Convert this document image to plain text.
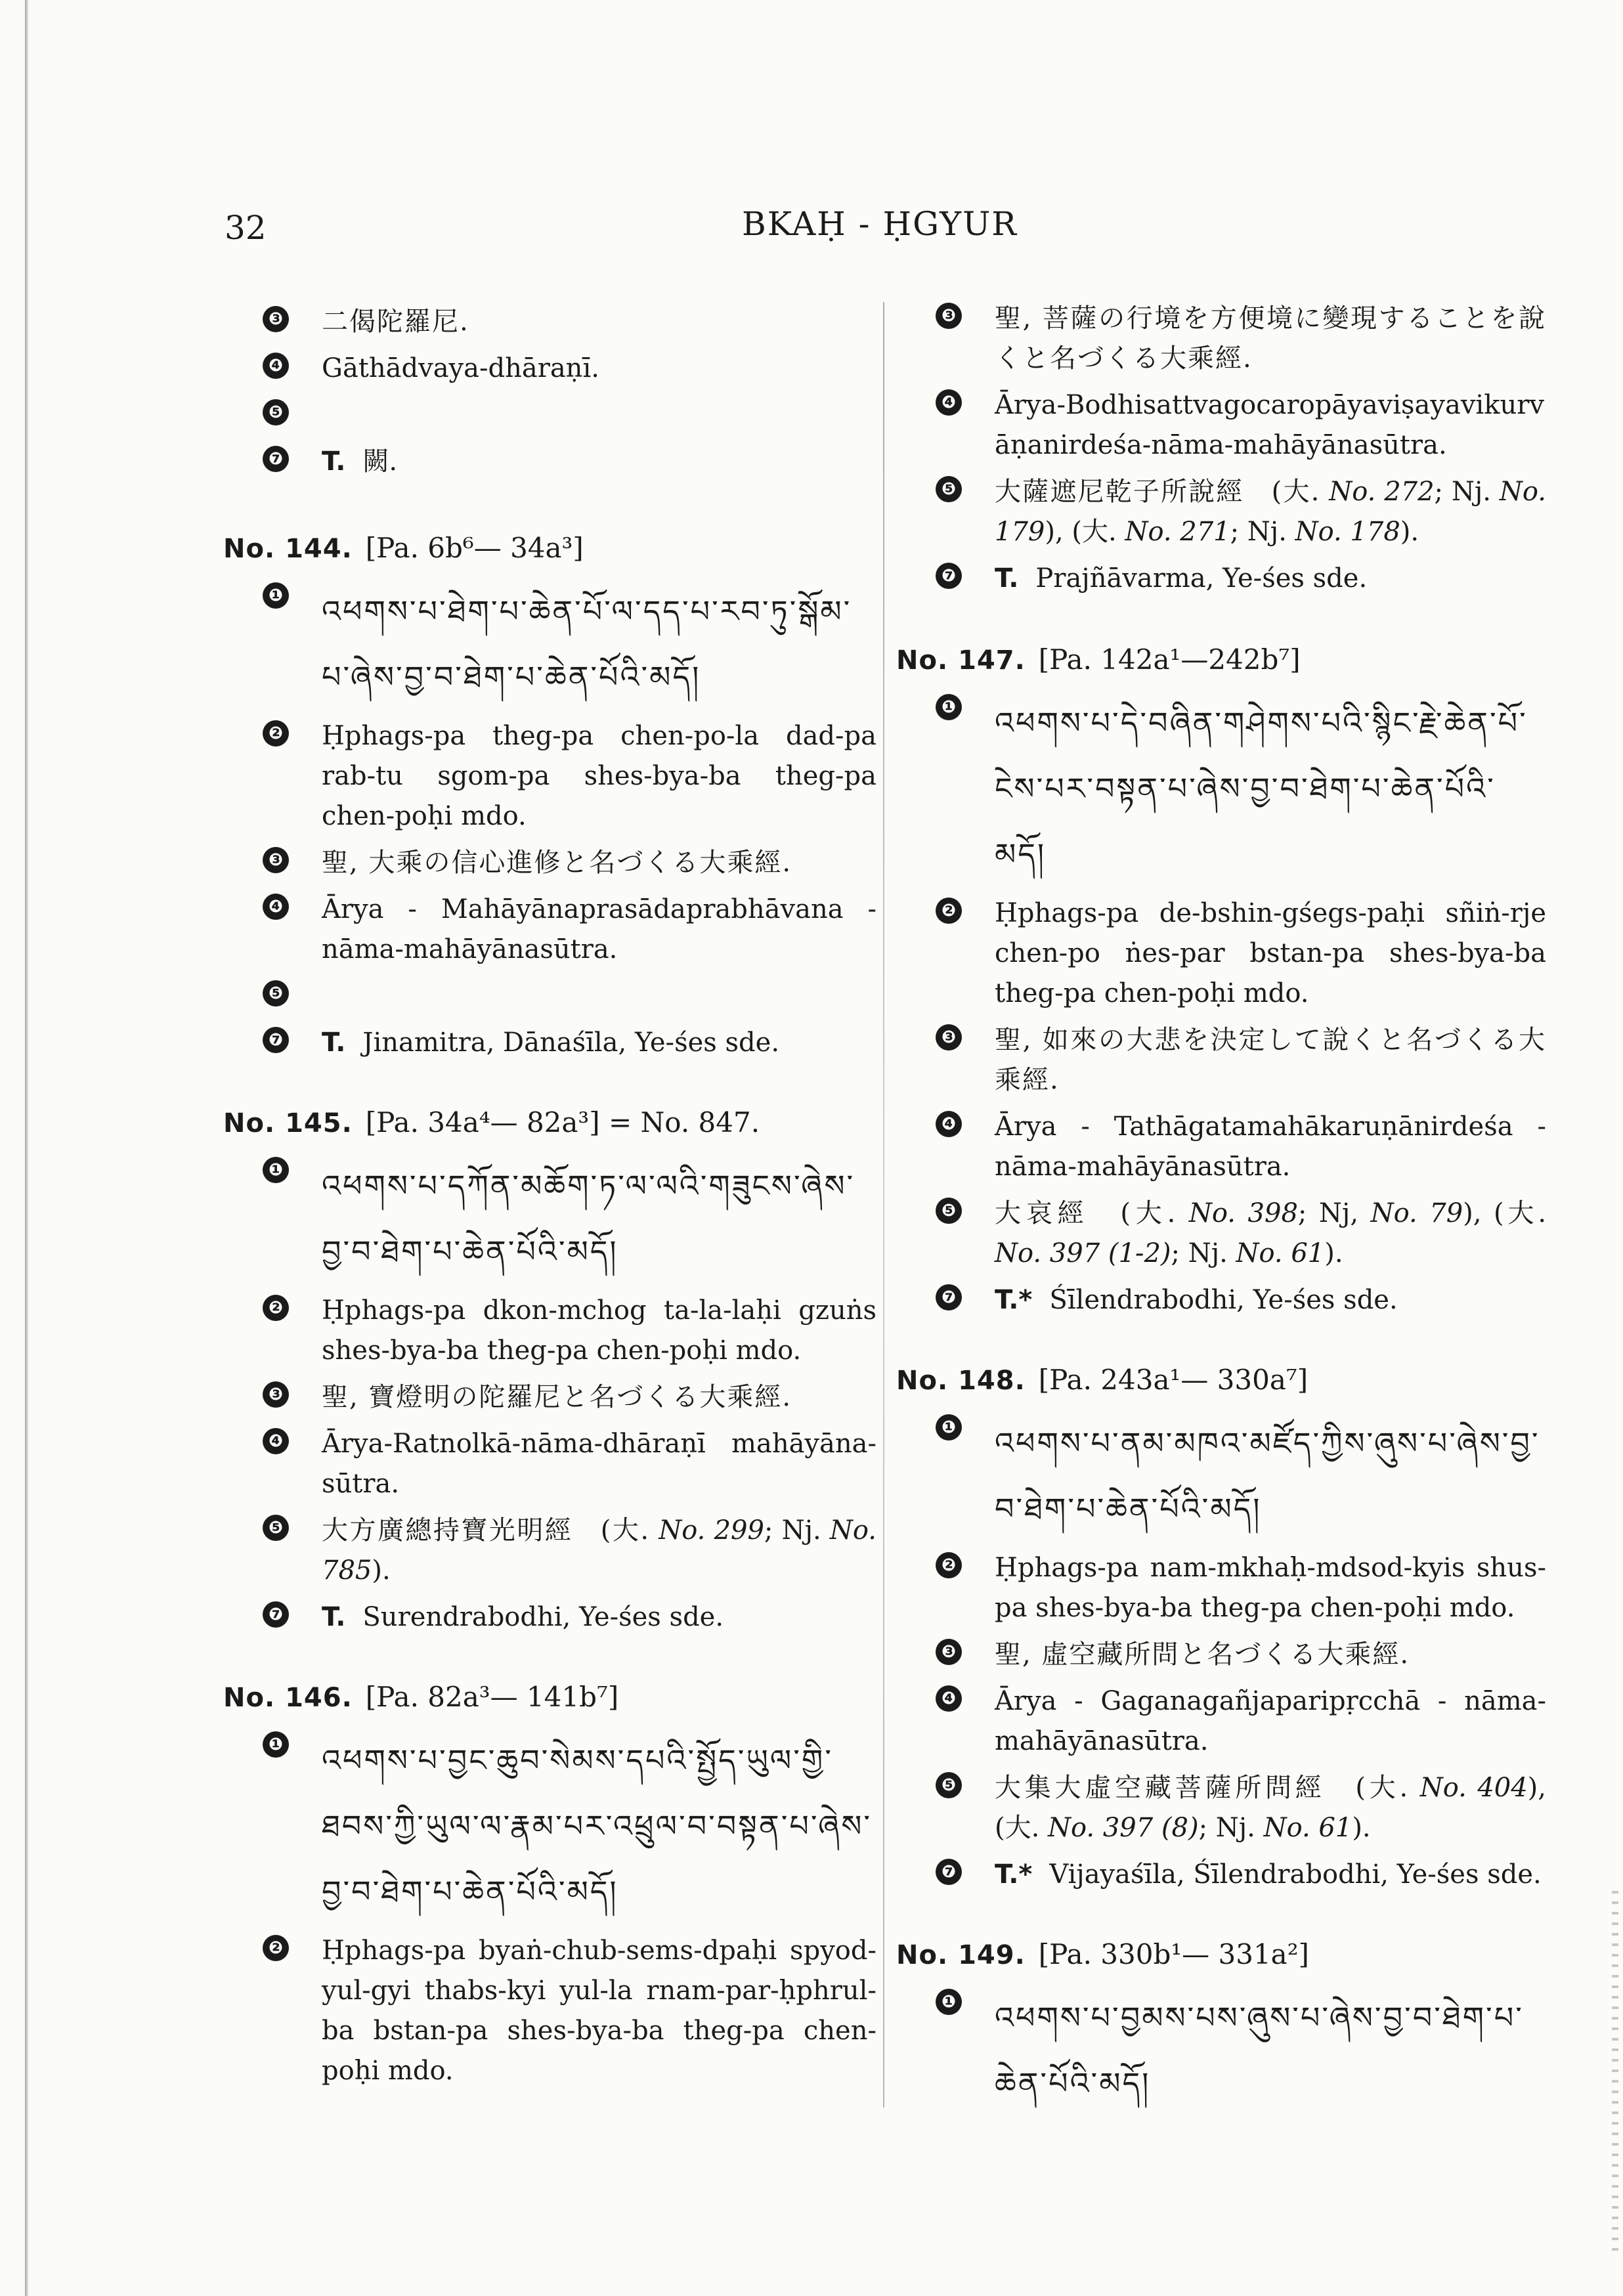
32	BKAḤ - ḤGYUR
❸ 二偈陀羅尼.
❹ Gāthādvaya-dhāraṇī.
❺
❼ T. 闕.
No. 144. [Pa. 6b⁶— 34a³]
❶ འཕགས་པ་ཐེག་པ་ཆེན་པོ་ལ་དད་པ་རབ་ཏུ་སྒོམ་པ་ཞེས་བྱ་བ་ཐེག་པ་ཆེན་པོའི་མདོ།
❷ Ḥphags-pa theg-pa chen-po-la dad-pa rab-tu sgom-pa shes-bya-ba theg-pa chen-poḥi mdo.
❸ 聖, 大乘の信心進修と名づくる大乘經.
❹ Ārya - Mahāyānaprasādaprabhāvana - nāma-mahāyānasūtra.
❺
❼ T. Jinamitra, Dānaśīla, Ye-śes sde.
No. 145. [Pa. 34a⁴— 82a³] = No. 847.
❶ འཕགས་པ་དཀོན་མཆོག་ཏ་ལ་ལའི་གཟུངས་ཞེས་བྱ་བ་ཐེག་པ་ཆེན་པོའི་མདོ།
❷ Ḥphags-pa dkon-mchog ta-la-laḥi gzuṅs shes-bya-ba theg-pa chen-poḥi mdo.
❸ 聖, 寶燈明の陀羅尼と名づくる大乘經.
❹ Ārya-Ratnolkā-nāma-dhāraṇī mahāyāna-sūtra.
❺ 大方廣總持寶光明經　(大. No. 299; Nj. No. 785).
❼ T. Surendrabodhi, Ye-śes sde.
No. 146. [Pa. 82a³— 141b⁷]
❶ འཕགས་པ་བྱང་ཆུབ་སེམས་དཔའི་སྤྱོད་ཡུལ་གྱི་ཐབས་ཀྱི་ཡུལ་ལ་རྣམ་པར་འཕྲུལ་བ་བསྟན་པ་ཞེས་བྱ་བ་ཐེག་པ་ཆེན་པོའི་མདོ།
❷ Ḥphags-pa byaṅ-chub-sems-dpaḥi spyod-yul-gyi thabs-kyi yul-la rnam-par-ḥphrul-ba bstan-pa shes-bya-ba theg-pa chen-poḥi mdo.
❸ 聖, 菩薩の行境を方便境に變現することを說くと名づくる大乘經.
❹ Ārya-Bodhisattvagocaropāyaviṣayavikurvāṇanirdeśa-nāma-mahāyānasūtra.
❺ 大薩遮尼乾子所說經　(大. No. 272; Nj. No. 179), (大. No. 271; Nj. No. 178).
❼ T. Prajñāvarma, Ye-śes sde.
No. 147. [Pa. 142a¹—242b⁷]
❶ འཕགས་པ་དེ་བཞིན་གཤེགས་པའི་སྙིང་རྗེ་ཆེན་པོ་ངེས་པར་བསྟན་པ་ཞེས་བྱ་བ་ཐེག་པ་ཆེན་པོའི་མདོ།
❷ Ḥphags-pa de-bshin-gśegs-paḥi sñiṅ-rje chen-po ṅes-par bstan-pa shes-bya-ba theg-pa chen-poḥi mdo.
❸ 聖, 如來の大悲を決定して說くと名づくる大乘經.
❹ Ārya - Tathāgatamahākaruṇānirdeśa - nāma-mahāyānasūtra.
❺ 大哀經　(大. No. 398; Nj, No. 79), (大. No. 397 (1-2); Nj. No. 61).
❼ T.* Śīlendrabodhi, Ye-śes sde.
No. 148. [Pa. 243a¹— 330a⁷]
❶ འཕགས་པ་ནམ་མཁའ་མཛོད་ཀྱིས་ཞུས་པ་ཞེས་བྱ་བ་ཐེག་པ་ཆེན་པོའི་མདོ།
❷ Ḥphags-pa nam-mkhaḥ-mdsod-kyis shus-pa shes-bya-ba theg-pa chen-poḥi mdo.
❸ 聖, 虛空藏所問と名づくる大乘經.
❹ Ārya - Gaganagañjaparipṛcchā - nāma-mahāyānasūtra.
❺ 大集大虛空藏菩薩所問經　(大. No. 404), (大. No. 397 (8); Nj. No. 61).
❼ T.* Vijayaśīla, Śīlendrabodhi, Ye-śes sde.
No. 149. [Pa. 330b¹— 331a²]
❶ འཕགས་པ་བྱམས་པས་ཞུས་པ་ཞེས་བྱ་བ་ཐེག་པ་ཆེན་པོའི་མདོ།
